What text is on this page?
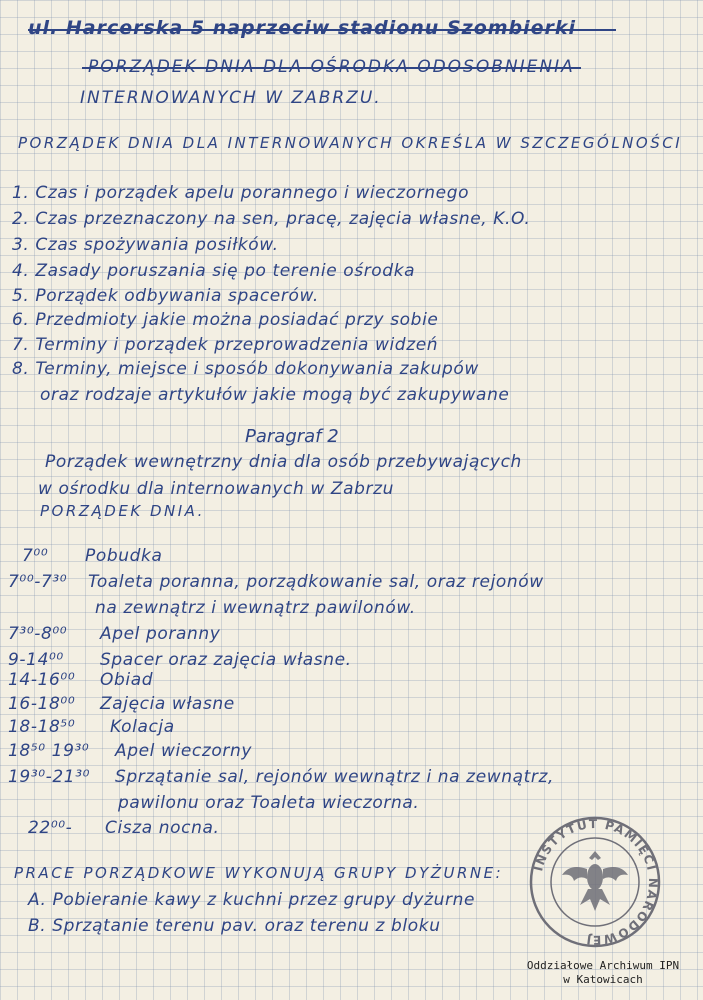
ul. Harcerska 5 naprzeciw stadionu Szombierki
PORZĄDEK DNIA DLA OŚRODKA ODOSOBNIENIA
INTERNOWANYCH W ZABRZU.
PORZĄDEK DNIA DLA INTERNOWANYCH OKREŚLA W SZCZEGÓLNOŚCI
1. Czas i porządek apelu porannego i wieczornego
2. Czas przeznaczony na sen, pracę, zajęcia własne, K.O.
3. Czas spożywania posiłków.
4. Zasady poruszania się po terenie ośrodka
5. Porządek odbywania spacerów.
6. Przedmioty jakie można posiadać przy sobie
7. Terminy i porządek przeprowadzenia widzeń
8. Terminy, miejsce i sposób dokonywania zakupów
oraz rodzaje artykułów jakie mogą być zakupywane
Paragraf 2
Porządek wewnętrzny dnia dla osób przebywających
w ośrodku dla internowanych w Zabrzu
PORZĄDEK DNIA.
7⁰⁰ Pobudka
7⁰⁰-7³⁰ Toaleta poranna, porządkowanie sal, oraz rejonów
na zewnątrz i wewnątrz pawilonów.
7³⁰-8⁰⁰ Apel poranny
9-14⁰⁰ Spacer oraz zajęcia własne.
14-16⁰⁰ Obiad
16-18⁰⁰ Zajęcia własne
18-18⁵⁰ Kolacja
18⁵⁰ 19³⁰ Apel wieczorny
19³⁰-21³⁰ Sprzątanie sal, rejonów wewnątrz i na zewnątrz,
pawilonu oraz Toaleta wieczorna.
22⁰⁰- Cisza nocna.
PRACE PORZĄDKOWE WYKONUJĄ GRUPY DYŻURNE:
A. Pobieranie kawy z kuchni przez grupy dyżurne
B. Sprzątanie terenu pav. oraz terenu z bloku
INSTYTUT PAMIĘCI NARODOWEJ
Oddziałowe Archiwum IPN
w Katowicach
